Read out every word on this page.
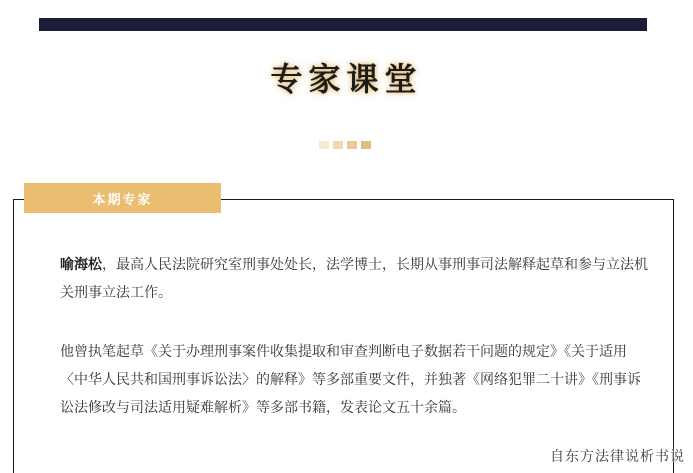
专家课堂
本期专家

喻海松，最高人民法院研究室刑事处处长，法学博士，长期从事刑事司法解释起草和参与立法机关刑事立法工作。

他曾执笔起草《关于办理刑事案件收集提取和审查判断电子数据若干问题的规定》《关于适用〈中华人民共和国刑事诉讼法〉的解释》等多部重要文件，并独著《网络犯罪二十讲》《刑事诉讼法修改与司法适用疑难解析》等多部书籍，发表论文五十余篇。

自东方法律说析书说
